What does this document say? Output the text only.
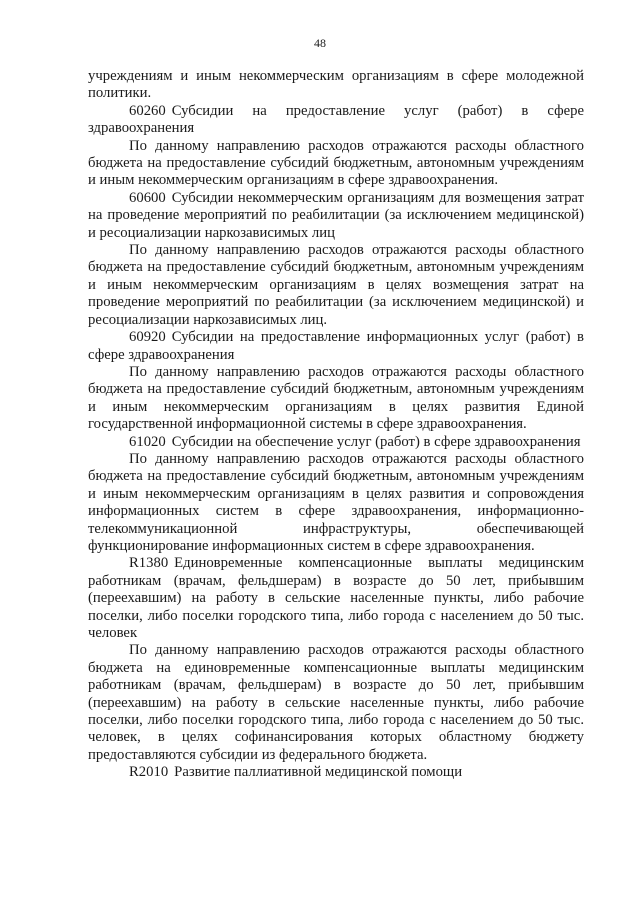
48

учреждениям и иным некоммерческим организациям в сфере молодежной политики.

60260 Субсидии на предоставление услуг (работ) в сфере здравоохранения

По данному направлению расходов отражаются расходы областного бюджета на предоставление субсидий бюджетным, автономным учреждениям и иным некоммерческим организациям в сфере здравоохранения.

60600 Субсидии некоммерческим организациям для возмещения затрат на проведение мероприятий по реабилитации (за исключением медицинской) и ресоциализации наркозависимых лиц

По данному направлению расходов отражаются расходы областного бюджета на предоставление субсидий бюджетным, автономным учреждениям и иным некоммерческим организациям в целях возмещения затрат на проведение мероприятий по реабилитации (за исключением медицинской) и ресоциализации наркозависимых лиц.

60920 Субсидии на предоставление информационных услуг (работ) в сфере здравоохранения

По данному направлению расходов отражаются расходы областного бюджета на предоставление субсидий бюджетным, автономным учреждениям и иным некоммерческим организациям в целях развития Единой государственной информационной системы в сфере здравоохранения.

61020 Субсидии на обеспечение услуг (работ) в сфере здравоохранения

По данному направлению расходов отражаются расходы областного бюджета на предоставление субсидий бюджетным, автономным учреждениям и иным некоммерческим организациям в целях развития и сопровождения информационных систем в сфере здравоохранения, информационно-телекоммуникационной инфраструктуры, обеспечивающей функционирование информационных систем в сфере здравоохранения.

R1380 Единовременные компенсационные выплаты медицинским работникам (врачам, фельдшерам) в возрасте до 50 лет, прибывшим (переехавшим) на работу в сельские населенные пункты, либо рабочие поселки, либо поселки городского типа, либо города с населением до 50 тыс. человек

По данному направлению расходов отражаются расходы областного бюджета на единовременные компенсационные выплаты медицинским работникам (врачам, фельдшерам) в возрасте до 50 лет, прибывшим (переехавшим) на работу в сельские населенные пункты, либо рабочие поселки, либо поселки городского типа, либо города с населением до 50 тыс. человек, в целях софинансирования которых областному бюджету предоставляются субсидии из федерального бюджета.

R2010 Развитие паллиативной медицинской помощи
